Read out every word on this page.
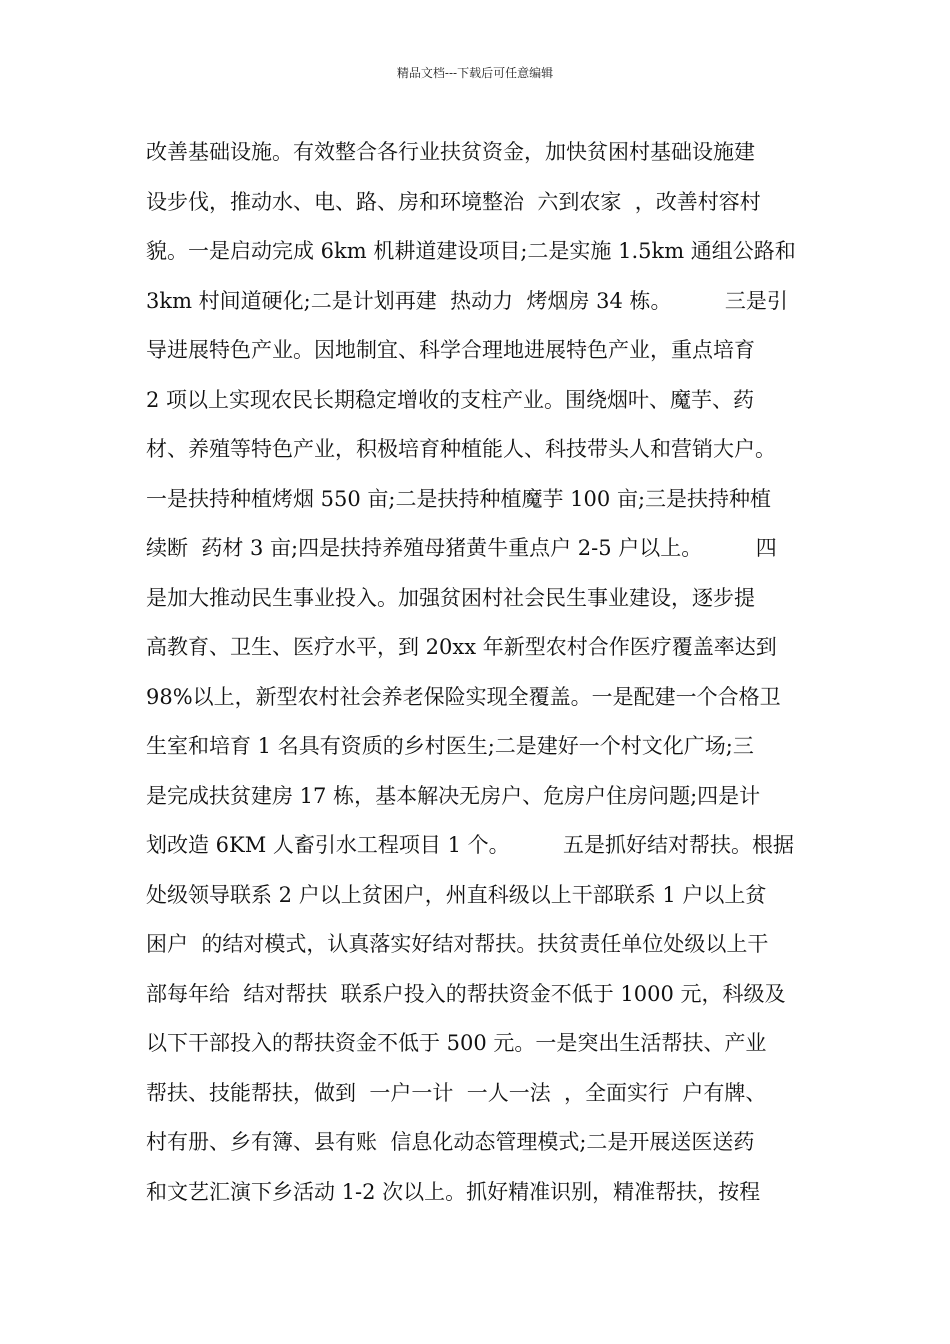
精品文档---下载后可任意编辑
改善基础设施。有效整合各行业扶贫资金，加快贫困村基础设施建
设步伐，推动水、电、路、房和环境整治  六到农家  ，改善村容村
貌。一是启动完成 6km 机耕道建设项目;二是实施 1.5km 通组公路和
3km 村间道硬化;二是计划再建  热动力  烤烟房 34 栋。        三是引
导进展特色产业。因地制宜、科学合理地进展特色产业，重点培育
2 项以上实现农民长期稳定增收的支柱产业。围绕烟叶、魔芋、药
材、养殖等特色产业，积极培育种植能人、科技带头人和营销大户。
一是扶持种植烤烟 550 亩;二是扶持种植魔芋 100 亩;三是扶持种植
续断  药材 3 亩;四是扶持养殖母猪黄牛重点户 2-5 户以上。        四
是加大推动民生事业投入。加强贫困村社会民生事业建设，逐步提
高教育、卫生、医疗水平，到 20xx 年新型农村合作医疗覆盖率达到
98%以上，新型农村社会养老保险实现全覆盖。一是配建一个合格卫
生室和培育 1 名具有资质的乡村医生;二是建好一个村文化广场;三
是完成扶贫建房 17 栋，基本解决无房户、危房户住房问题;四是计
划改造 6KM 人畜引水工程项目 1 个。        五是抓好结对帮扶。根据
处级领导联系 2 户以上贫困户，州直科级以上干部联系 1 户以上贫
困户  的结对模式，认真落实好结对帮扶。扶贫责任单位处级以上干
部每年给  结对帮扶  联系户投入的帮扶资金不低于 1000 元，科级及
以下干部投入的帮扶资金不低于 500 元。一是突出生活帮扶、产业
帮扶、技能帮扶，做到  一户一计  一人一法  ，全面实行  户有牌、
村有册、乡有簿、县有账  信息化动态管理模式;二是开展送医送药
和文艺汇演下乡活动 1-2 次以上。抓好精准识别，精准帮扶，按程
